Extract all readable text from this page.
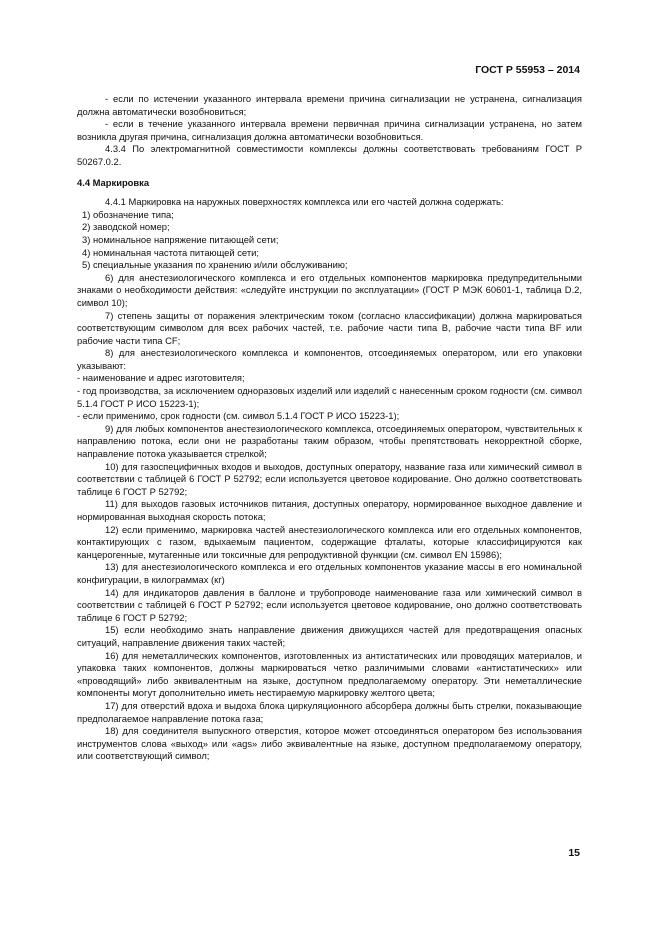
ГОСТ Р 55953 – 2014

- если по истечении указанного интервала времени причина сигнализации не устранена, сигнализация должна автоматически возобновиться;

- если в течение указанного интервала времени первичная причина сигнализации устранена, но затем возникла другая причина, сигнализация должна автоматически возобновиться.

4.3.4 По электромагнитной совместимости комплексы должны соответствовать требованиям ГОСТ Р 50267.0.2.

4.4 Маркировка

4.4.1 Маркировка на наружных поверхностях комплекса или его частей должна содержать:

1) обозначение типа;

2) заводской номер;

3) номинальное напряжение питающей сети;

4) номинальная частота питающей сети;

5) специальные указания по хранению и/или обслуживанию;

6) для анестезиологического комплекса и его отдельных компонентов маркировка предупредительными знаками о необходимости действия: «следуйте инструкции по эксплуатации» (ГОСТ Р МЭК 60601-1, таблица D.2, символ 10);

7) степень защиты от поражения электрическим током (согласно классификации) должна маркироваться соответствующим символом для всех рабочих частей, т.е. рабочие части типа B, рабочие части типа BF или рабочие части типа CF;

8) для анестезиологического комплекса и компонентов, отсоединяемых оператором, или его упаковки указывают:

- наименование и адрес изготовителя;

- год производства, за исключением одноразовых изделий или изделий с нанесенным сроком годности (см. символ 5.1.4 ГОСТ Р ИСО 15223-1);

- если применимо, срок годности (см. символ 5.1.4 ГОСТ Р ИСО 15223-1);

9) для любых компонентов анестезиологического комплекса, отсоединяемых оператором, чувствительных к направлению потока, если они не разработаны таким образом, чтобы препятствовать некорректной сборке, направление потока указывается стрелкой;

10) для газоспецифичных входов и выходов, доступных оператору, название газа или химический символ в соответствии с таблицей 6 ГОСТ Р 52792; если используется цветовое кодирование. Оно должно соответствовать таблице 6 ГОСТ Р 52792;

11) для выходов газовых источников питания, доступных оператору, нормированное выходное давление и нормированная выходная скорость потока;

12) если применимо, маркировка частей анестезиологического комплекса или его отдельных компонентов, контактирующих с газом, вдыхаемым пациентом, содержащие фталаты, которые классифицируются как канцерогенные, мутагенные или токсичные для репродуктивной функции (см. символ EN 15986);

13) для анестезиологического комплекса и его отдельных компонентов указание массы в его номинальной конфигурации, в килограммах (кг)

14) для индикаторов давления в баллоне и трубопроводе наименование газа или химический символ в соответствии с таблицей 6 ГОСТ Р 52792; если используется цветовое кодирование, оно должно соответствовать таблице 6 ГОСТ Р 52792;

15) если необходимо знать направление движения движущихся частей для предотвращения опасных ситуаций, направление движения таких частей;

16) для неметаллических компонентов, изготовленных из антистатических или проводящих материалов, и упаковка таких компонентов, должны маркироваться четко различимыми словами «антистатических» или «проводящий» либо эквивалентным на языке, доступном предполагаемому оператору. Эти неметаллические компоненты могут дополнительно иметь нестираемую маркировку желтого цвета;

17) для отверстий вдоха и выдоха блока циркуляционного абсорбера должны быть стрелки, показывающие предполагаемое направление потока газа;

18) для соединителя выпускного отверстия, которое может отсоединяться оператором без использования инструментов слова «выход» или «ags» либо эквивалентные на языке, доступном предполагаемому оператору, или соответствующий символ;

15
